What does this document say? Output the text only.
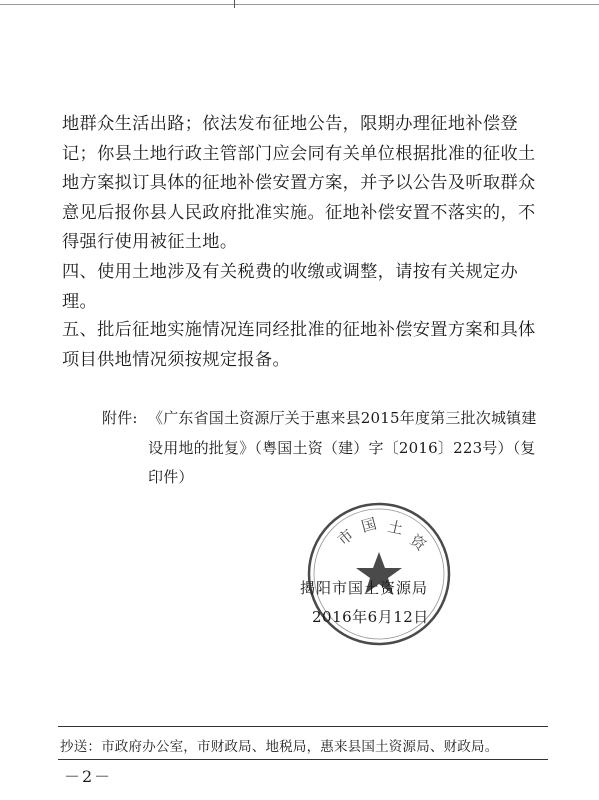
地群众生活出路；依法发布征地公告，限期办理征地补偿登记；你县土地行政主管部门应会同有关单位根据批准的征收土地方案拟订具体的征地补偿安置方案，并予以公告及听取群众意见后报你县人民政府批准实施。征地补偿安置不落实的，不得强行使用被征土地。

四、使用土地涉及有关税费的收缴或调整，请按有关规定办理。

五、批后征地实施情况连同经批准的征地补偿安置方案和具体项目供地情况须按规定报备。

附件: 《广东省国土资源厅关于惠来县2015年度第三批次城镇建设用地的批复》（粤国土资（建）字〔2016〕223号）（复印件）
市
国 土
资
揭阳市国土资源局
2016年6月12日
抄送：市政府办公室，市财政局、地税局，惠来县国土资源局、财政局。
－2－
